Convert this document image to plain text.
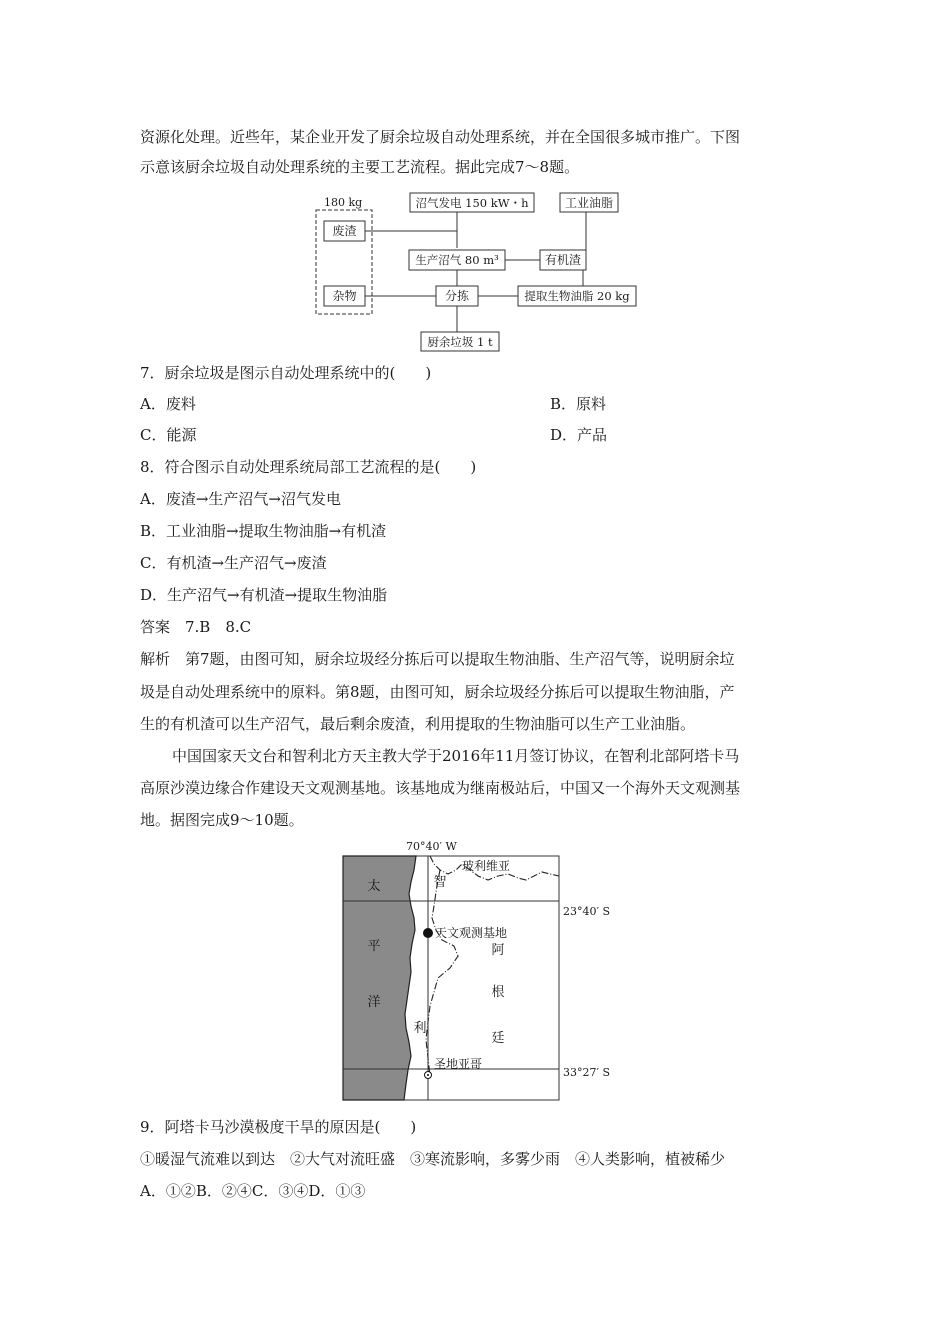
资源化处理。近些年，某企业开发了厨余垃圾自动处理系统，并在全国很多城市推广。下图
示意该厨余垃圾自动处理系统的主要工艺流程。据此完成7～8题。
180 kg
废渣
杂物
沼气发电 150 kW・h	工业油脂
生产沼气 80 m³	有机渣
分拣	提取生物油脂 20 kg
厨余垃圾 1 t
7．厨余垃圾是图示自动处理系统中的(　　)
A．废料	B．原料
C．能源	D．产品
8．符合图示自动处理系统局部工艺流程的是(　　)
A．废渣→生产沼气→沼气发电
B．工业油脂→提取生物油脂→有机渣
C．有机渣→生产沼气→废渣
D．生产沼气→有机渣→提取生物油脂
答案　7.B　8.C
解析　第7题，由图可知，厨余垃圾经分拣后可以提取生物油脂、生产沼气等，说明厨余垃
圾是自动处理系统中的原料。第8题，由图可知，厨余垃圾经分拣后可以提取生物油脂，产
生的有机渣可以生产沼气，最后剩余废渣，利用提取的生物油脂可以生产工业油脂。
中国国家天文台和智利北方天主教大学于2016年11月签订协议，在智利北部阿塔卡马
高原沙漠边缘合作建设天文观测基地。该基地成为继南极站后，中国又一个海外天文观测基
地。据图完成9～10题。
70°40′ W
太
平
洋
玻利维亚
智
利
天文观测基地
阿
根
廷
圣地亚哥
23°40′ S
33°27′ S
9．阿塔卡马沙漠极度干旱的原因是(　　)
①暖湿气流难以到达　②大气对流旺盛　③寒流影响，多雾少雨　④人类影响，植被稀少
A．①②B．②④C．③④D．①③
